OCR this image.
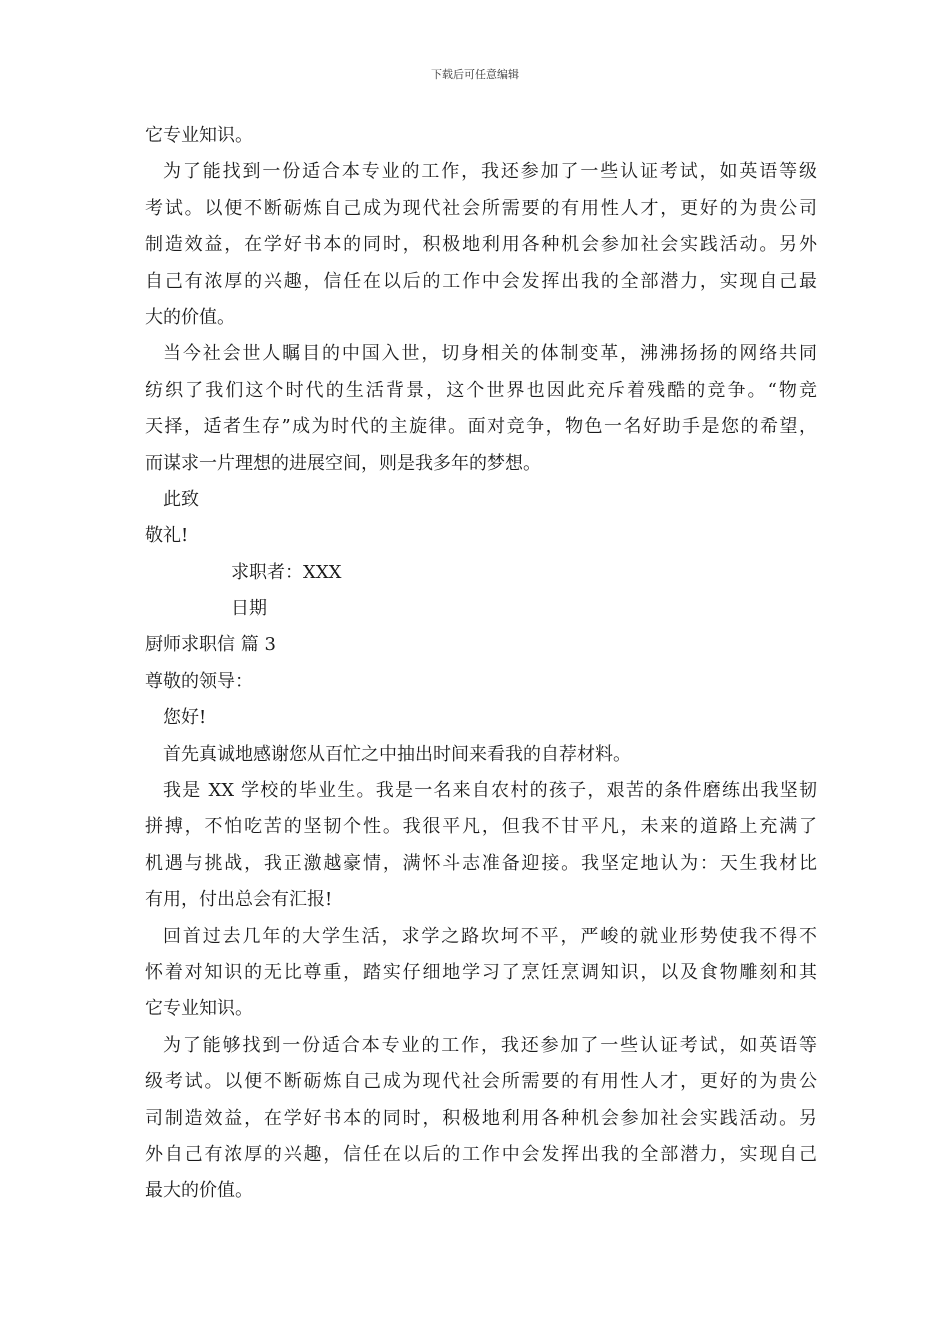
下载后可任意编辑
它专业知识。
为了能找到一份适合本专业的工作，我还参加了一些认证考试，如英语等级
考试。以便不断砺炼自己成为现代社会所需要的有用性人才，更好的为贵公司
制造效益，在学好书本的同时，积极地利用各种机会参加社会实践活动。另外
自己有浓厚的兴趣，信任在以后的工作中会发挥出我的全部潜力，实现自己最
大的价值。
当今社会世人瞩目的中国入世，切身相关的体制变革，沸沸扬扬的网络共同
纺织了我们这个时代的生活背景，这个世界也因此充斥着残酷的竞争。“物竞
天择，适者生存”成为时代的主旋律。面对竞争，物色一名好助手是您的希望，
而谋求一片理想的进展空间，则是我多年的梦想。
此致
敬礼!
求职者：XXX
日期
厨师求职信 篇 3
尊敬的领导：
您好!
首先真诚地感谢您从百忙之中抽出时间来看我的自荐材料。
我是 XX 学校的毕业生。我是一名来自农村的孩子，艰苦的条件磨练出我坚韧
拼搏，不怕吃苦的坚韧个性。我很平凡，但我不甘平凡，未来的道路上充满了
机遇与挑战，我正激越豪情，满怀斗志准备迎接。我坚定地认为：天生我材比
有用，付出总会有汇报!
回首过去几年的大学生活，求学之路坎坷不平，严峻的就业形势使我不得不
怀着对知识的无比尊重，踏实仔细地学习了烹饪烹调知识，以及食物雕刻和其
它专业知识。
为了能够找到一份适合本专业的工作，我还参加了一些认证考试，如英语等
级考试。以便不断砺炼自己成为现代社会所需要的有用性人才，更好的为贵公
司制造效益，在学好书本的同时，积极地利用各种机会参加社会实践活动。另
外自己有浓厚的兴趣，信任在以后的工作中会发挥出我的全部潜力，实现自己
最大的价值。
